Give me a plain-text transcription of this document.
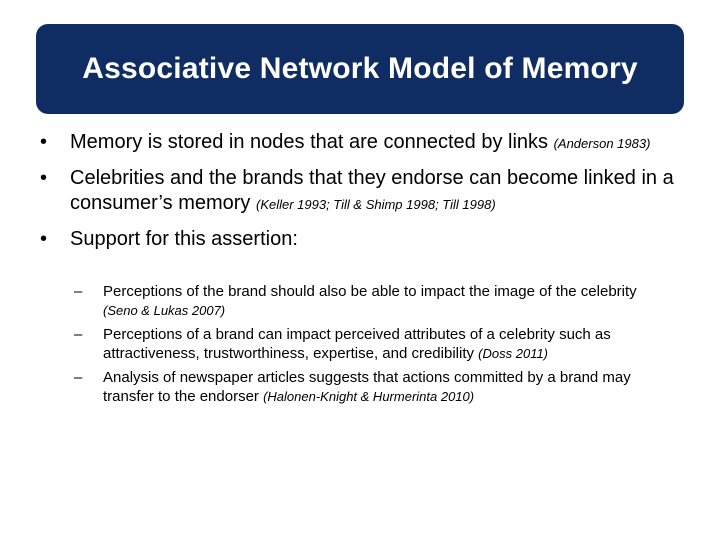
Associative Network Model of Memory
• Memory is stored in nodes that are connected by links (Anderson 1983)
• Celebrities and the brands that they endorse can become linked in a consumer’s memory (Keller 1993; Till & Shimp 1998; Till 1998)
• Support for this assertion:
– Perceptions of the brand should also be able to impact the image of the celebrity (Seno & Lukas 2007)
– Perceptions of a brand can impact perceived attributes of a celebrity such as attractiveness, trustworthiness, expertise, and credibility (Doss 2011)
– Analysis of newspaper articles suggests that actions committed by a brand may transfer to the endorser (Halonen-Knight & Hurmerinta 2010)
